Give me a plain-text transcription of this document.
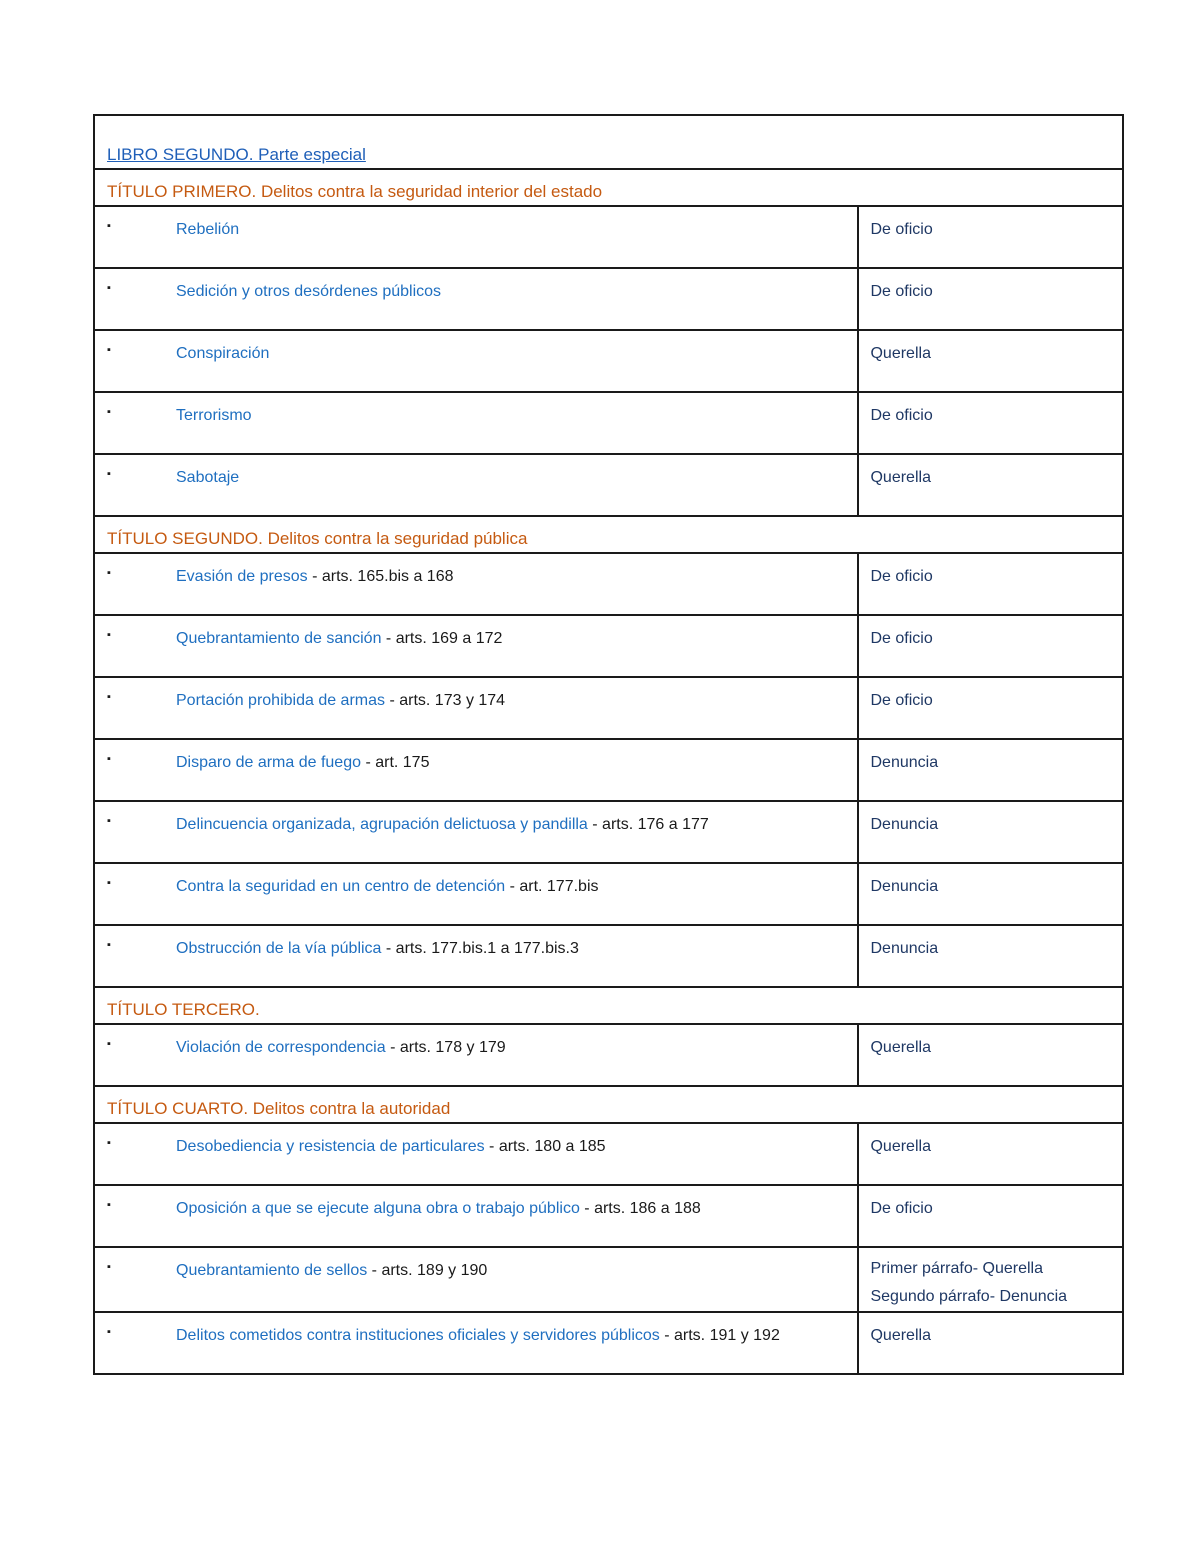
LIBRO SEGUNDO. Parte especial	

TÍTULO PRIMERO. Delitos contra la seguridad interior del estado	

▪ Rebelión	De oficio

▪ Sedición y otros desórdenes públicos	De oficio

▪ Conspiración	Querella

▪ Terrorismo	De oficio

▪ Sabotaje	Querella

TÍTULO SEGUNDO. Delitos contra la seguridad pública	

▪ Evasión de presos - arts. 165.bis a 168	De oficio

▪ Quebrantamiento de sanción - arts. 169 a 172	De oficio

▪ Portación prohibida de armas - arts. 173 y 174	De oficio

▪ Disparo de arma de fuego - art. 175	Denuncia

▪ Delincuencia organizada, agrupación delictuosa y pandilla - arts. 176 a 177	Denuncia

▪ Contra la seguridad en un centro de detención - art. 177.bis	Denuncia

▪ Obstrucción de la vía pública - arts. 177.bis.1 a 177.bis.3	Denuncia

TÍTULO TERCERO.	

▪ Violación de correspondencia - arts. 178 y 179	Querella

TÍTULO CUARTO. Delitos contra la autoridad	

▪ Desobediencia y resistencia de particulares - arts. 180 a 185	Querella

▪ Oposición a que se ejecute alguna obra o trabajo público - arts. 186 a 188	De oficio

▪ Quebrantamiento de sellos - arts. 189 y 190	Primer párrafo- Querella
Segundo párrafo- Denuncia

▪ Delitos cometidos contra instituciones oficiales y servidores públicos - arts. 191 y 192	Querella
